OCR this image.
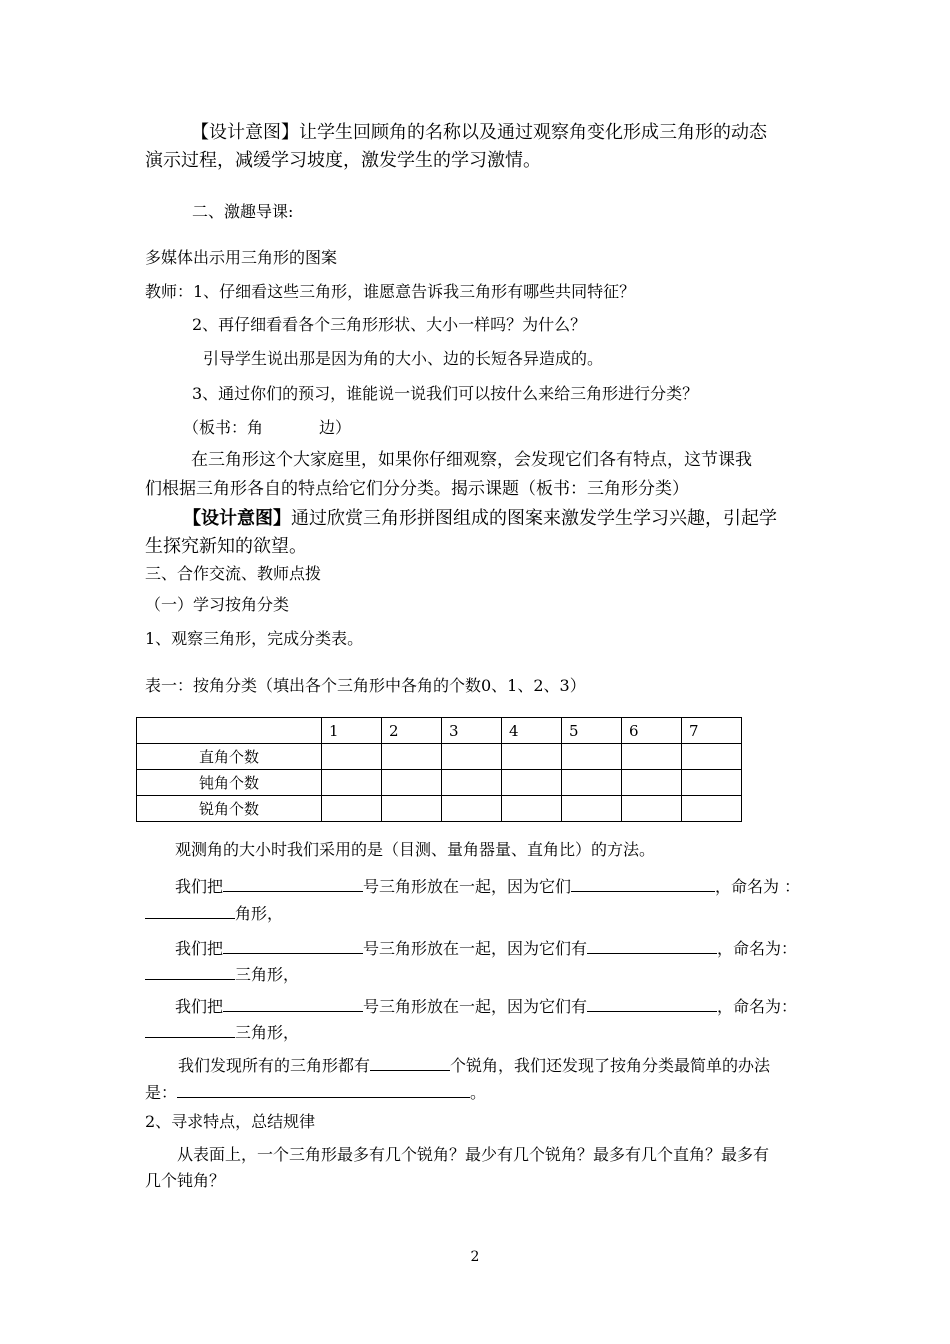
【设计意图】让学生回顾角的名称以及通过观察角变化形成三角形的动态
演示过程，减缓学习坡度，激发学生的学习激情。
二、激趣导课:
多媒体出示用三角形的图案
教师：1、仔细看这些三角形，谁愿意告诉我三角形有哪些共同特征？
2、再仔细看看各个三角形形状、大小一样吗？为什么？
引导学生说出那是因为角的大小、边的长短各异造成的。
3、通过你们的预习，谁能说一说我们可以按什么来给三角形进行分类？
（板书：角	边）
在三角形这个大家庭里，如果你仔细观察，会发现它们各有特点，这节课我
们根据三角形各自的特点给它们分分类。揭示课题（板书：三角形分类）
【设计意图】通过欣赏三角形拼图组成的图案来激发学生学习兴趣，引起学
生探究新知的欲望。
三、合作交流、教师点拨
（一）学习按角分类
1、观察三角形，完成分类表。
表一：按角分类（填出各个三角形中各角的个数0、1、2、3）
	1	2	3	4	5	6	7
直角个数							
钝角个数							
锐角个数							
观测角的大小时我们采用的是（目测、量角器量、直角比）的方法。
我们把	号三角形放在一起，因为它们	，命名为 ：
角形，
我们把	号三角形放在一起，因为它们有	，命名为：
三角形，
我们把	号三角形放在一起，因为它们有	，命名为：
三角形，
我们发现所有的三角形都有	个锐角，我们还发现了按角分类最简单的办法
是：	。
2、寻求特点，总结规律
从表面上，一个三角形最多有几个锐角？最少有几个锐角？最多有几个直角？最多有
几个钝角？
2
